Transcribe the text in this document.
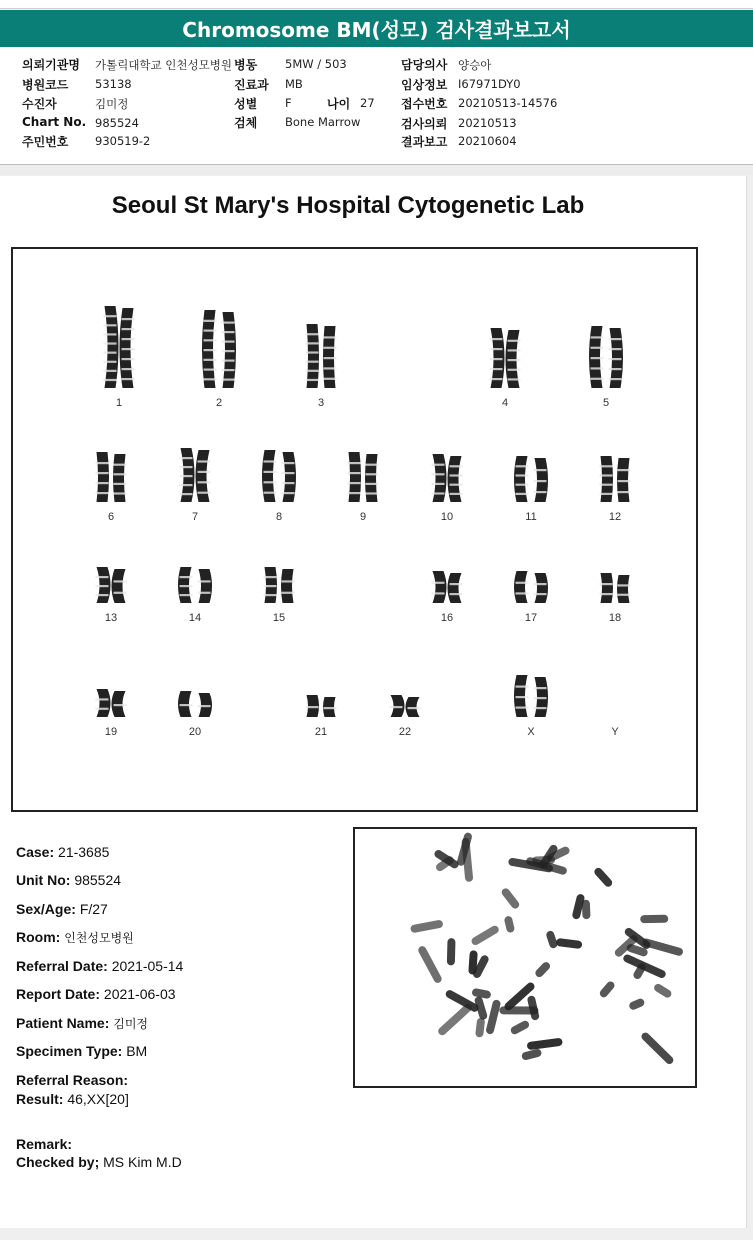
Chromosome BM(성모) 검사결과보고서
의뢰기관명 가톨릭대학교 인천성모병원 병동 5MW / 503	담당의사 양승아
병원코드 53138	진료과 MB	임상정보 I67971DY0
수진자	김미정	성별 F	나이 27 접수번호 20210513-14576
Chart No. 985524	검체 Bone Marrow	검사의뢰 20210513
주민번호 930519-2	결과보고 20210604
Seoul St Mary's Hospital Cytogenetic Lab
1	2	3	4	5
6	7	8	9	10	11	12
13	14	15	16	17	18
19	20	21	22	X	Y
Case: 21-3685
Unit No: 985524
Sex/Age: F/27
Room: 인천성모병원
Referral Date: 2021-05-14
Report Date: 2021-06-03
Patient Name: 김미정
Specimen Type: BM
Referral Reason:
Result: 46,XX[20]
Remark:
Checked by; MS Kim M.D
